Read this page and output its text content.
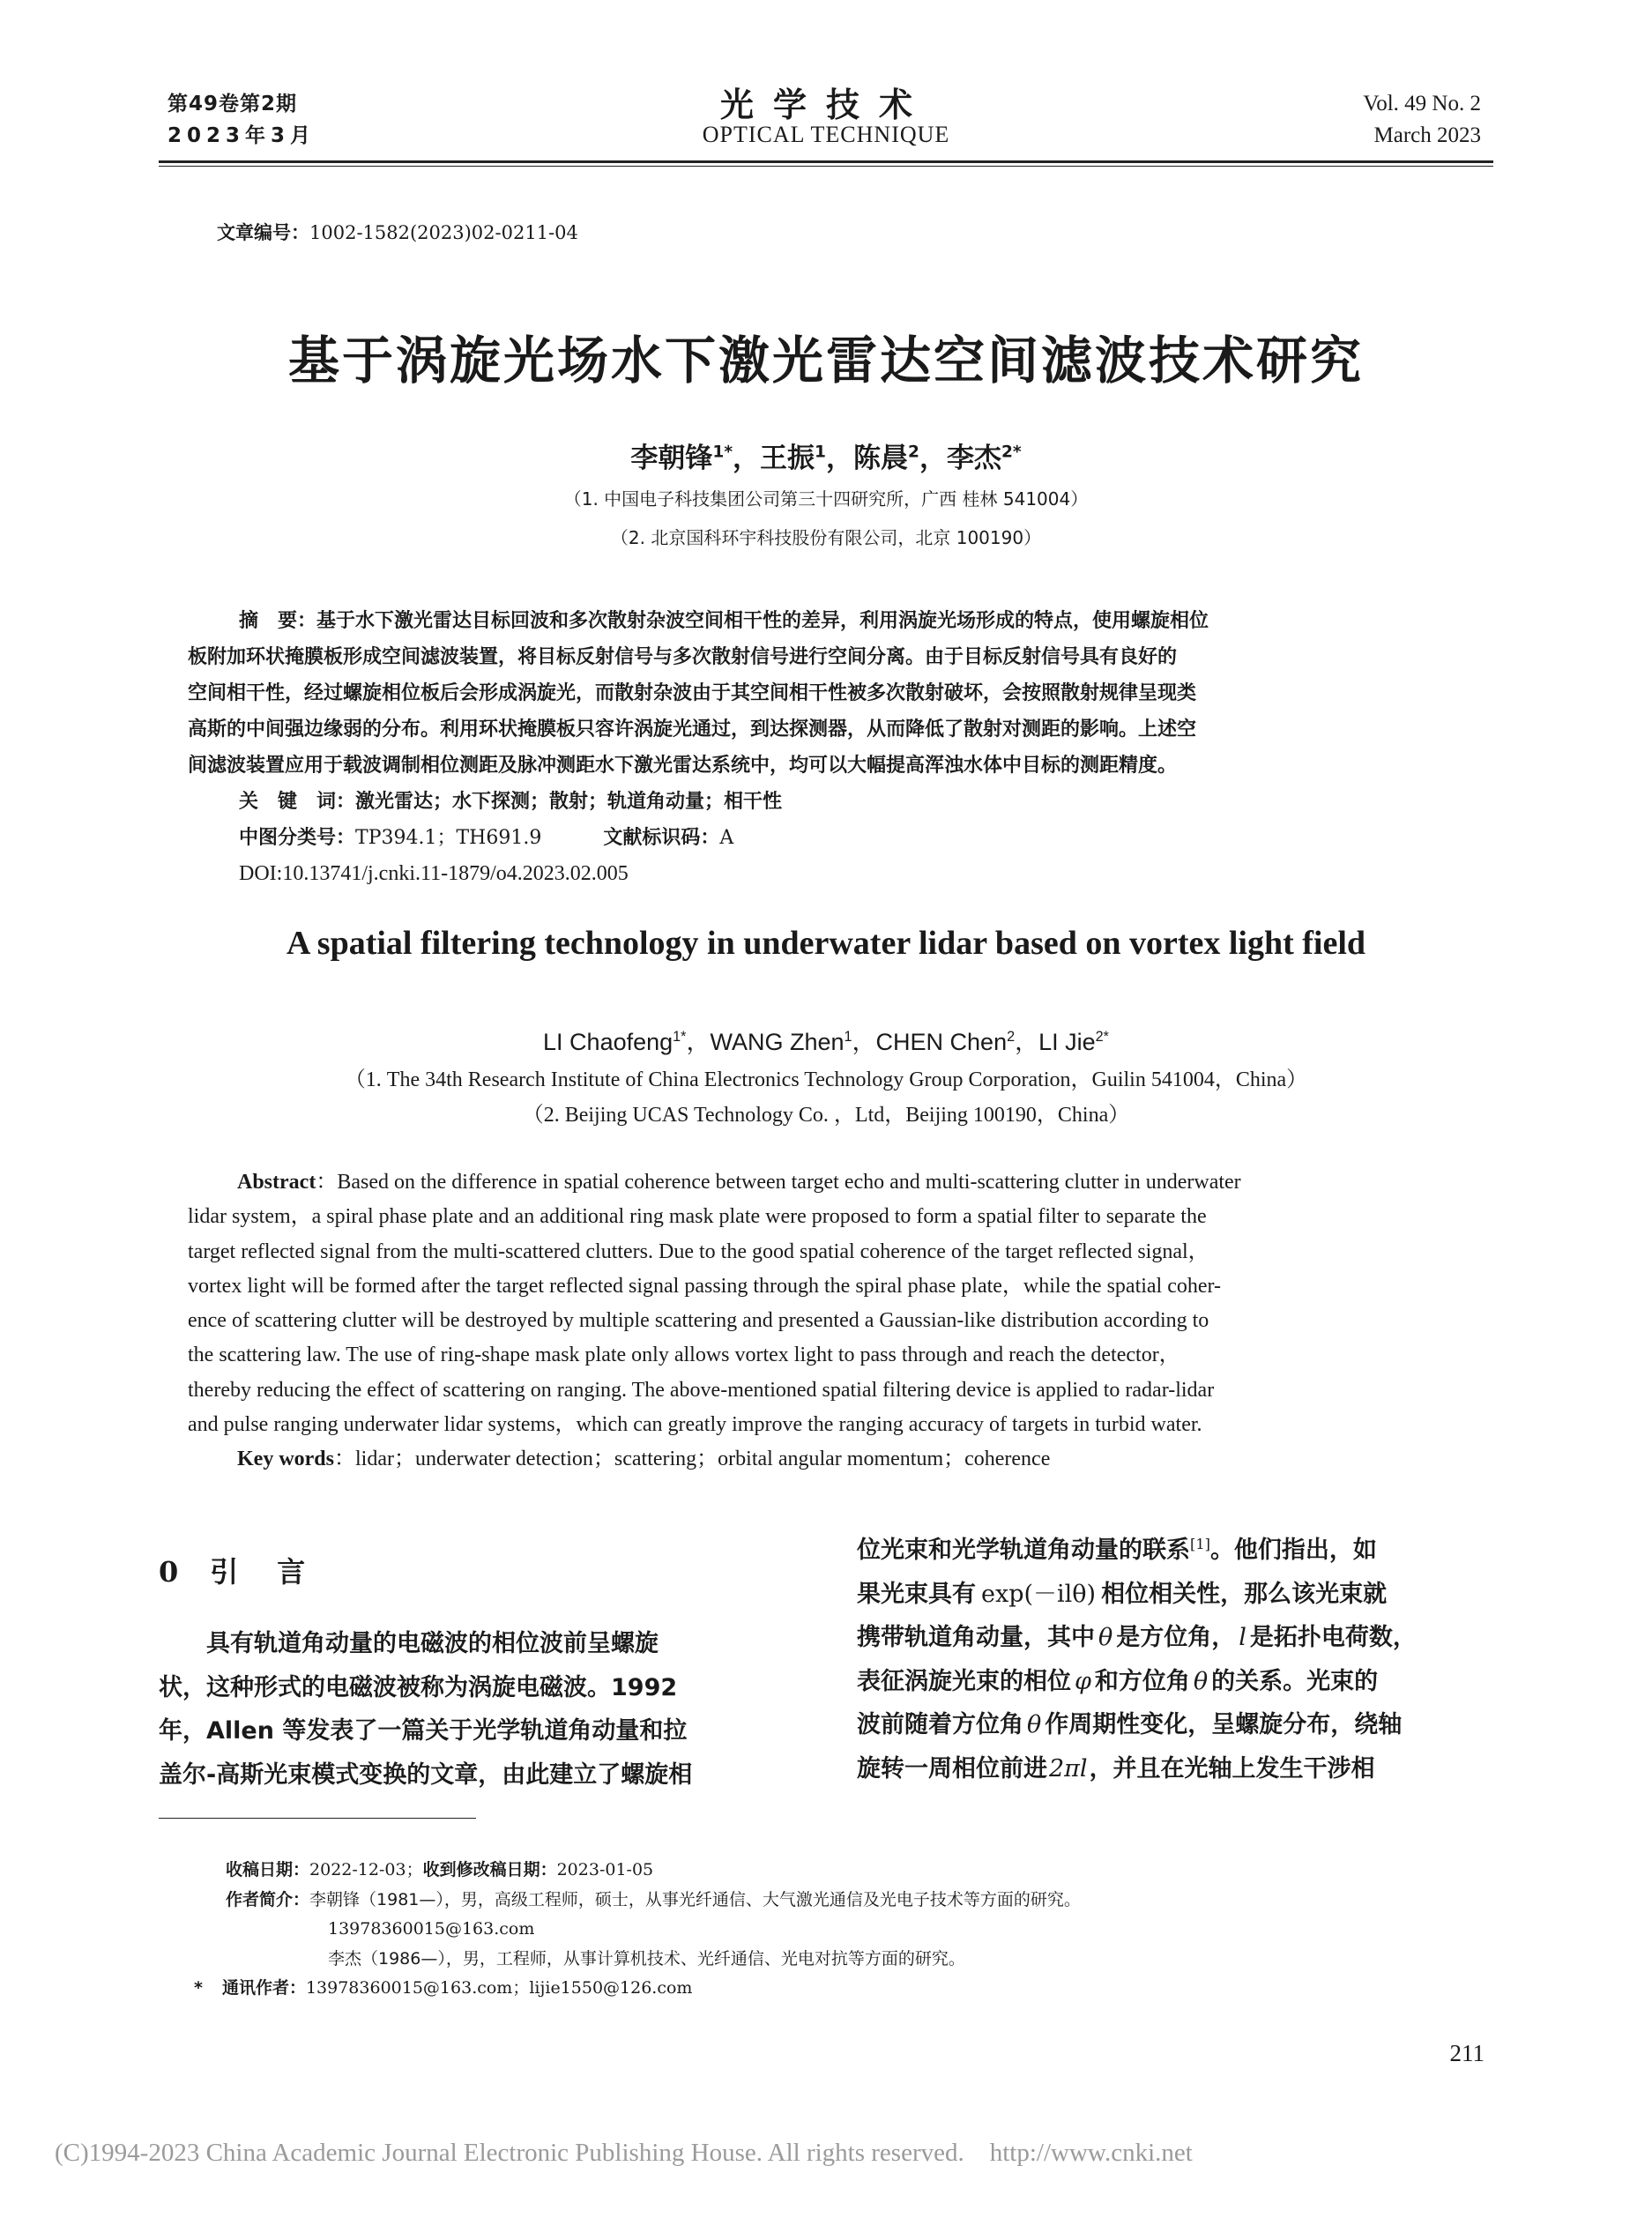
第49卷第2期
2023年3月
光学技术
OPTICAL TECHNIQUE
Vol. 49 No. 2
March 2023
文章编号：1002-1582(2023)02-0211-04
基于涡旋光场水下激光雷达空间滤波技术研究
李朝锋$^{1*}$，王振$^1$，陈晨$^2$，李杰$^{2*}$
（1. 中国电子科技集团公司第三十四研究所，广西 桂林 541004）
（2. 北京国科环宇科技股份有限公司，北京 100190）
摘　要：基于水下激光雷达目标回波和多次散射杂波空间相干性的差异，利用涡旋光场形成的特点，使用螺旋相位
板附加环状掩膜板形成空间滤波装置，将目标反射信号与多次散射信号进行空间分离。由于目标反射信号具有良好的
空间相干性，经过螺旋相位板后会形成涡旋光，而散射杂波由于其空间相干性被多次散射破坏，会按照散射规律呈现类
高斯的中间强边缘弱的分布。利用环状掩膜板只容许涡旋光通过，到达探测器，从而降低了散射对测距的影响。上述空
间滤波装置应用于载波调制相位测距及脉冲测距水下激光雷达系统中，均可以大幅提高浑浊水体中目标的测距精度。
关　键　词：激光雷达；水下探测；散射；轨道角动量；相干性
中图分类号：TP394.1；TH691.9	文献标识码：A
DOI:10.13741/j.cnki.11-1879/o4.2023.02.005
A spatial filtering technology in underwater lidar based on vortex light field
LI Chaofeng$^{1*}$，WANG Zhen$^1$，CHEN Chen$^2$，LI Jie$^{2*}$
（1. The 34th Research Institute of China Electronics Technology Group Corporation，Guilin 541004，China）
（2. Beijing UCAS Technology Co. ，Ltd，Beijing 100190，China）
Abstract：Based on the difference in spatial coherence between target echo and multi-scattering clutter in underwater
lidar system，a spiral phase plate and an additional ring mask plate were proposed to form a spatial filter to separate the
target reflected signal from the multi-scattered clutters. Due to the good spatial coherence of the target reflected signal，
vortex light will be formed after the target reflected signal passing through the spiral phase plate，while the spatial coher-
ence of scattering clutter will be destroyed by multiple scattering and presented a Gaussian-like distribution according to
the scattering law. The use of ring-shape mask plate only allows vortex light to pass through and reach the detector，
thereby reducing the effect of scattering on ranging. The above-mentioned spatial filtering device is applied to radar-lidar
and pulse ranging underwater lidar systems，which can greatly improve the ranging accuracy of targets in turbid water.
Key words：lidar；underwater detection；scattering；orbital angular momentum；coherence
0 引　言
具有轨道角动量的电磁波的相位波前呈螺旋
状，这种形式的电磁波被称为涡旋电磁波。1992
年，Allen 等发表了一篇关于光学轨道角动量和拉
盖尔-高斯光束模式变换的文章，由此建立了螺旋相
位光束和光学轨道角动量的联系[1]。他们指出，如
果光束具有 exp(－ilθ) 相位相关性，那么该光束就
携带轨道角动量，其中 θ 是方位角， l 是拓扑电荷数，
表征涡旋光束的相位 φ 和方位角 θ 的关系。光束的
波前随着方位角 θ 作周期性变化，呈螺旋分布，绕轴
旋转一周相位前进2πl，并且在光轴上发生干涉相
收稿日期：2022-12-03；收到修改稿日期：2023-01-05
作者简介：李朝锋（1981—），男，高级工程师，硕士，从事光纤通信、大气激光通信及光电子技术等方面的研究。
13978360015@163.com
李杰（1986—），男，工程师，从事计算机技术、光纤通信、光电对抗等方面的研究。
* 通讯作者：13978360015@163.com；lijie1550@126.com
211
(C)1994-2023 China Academic Journal Electronic Publishing House. All rights reserved.    http://www.cnki.net
